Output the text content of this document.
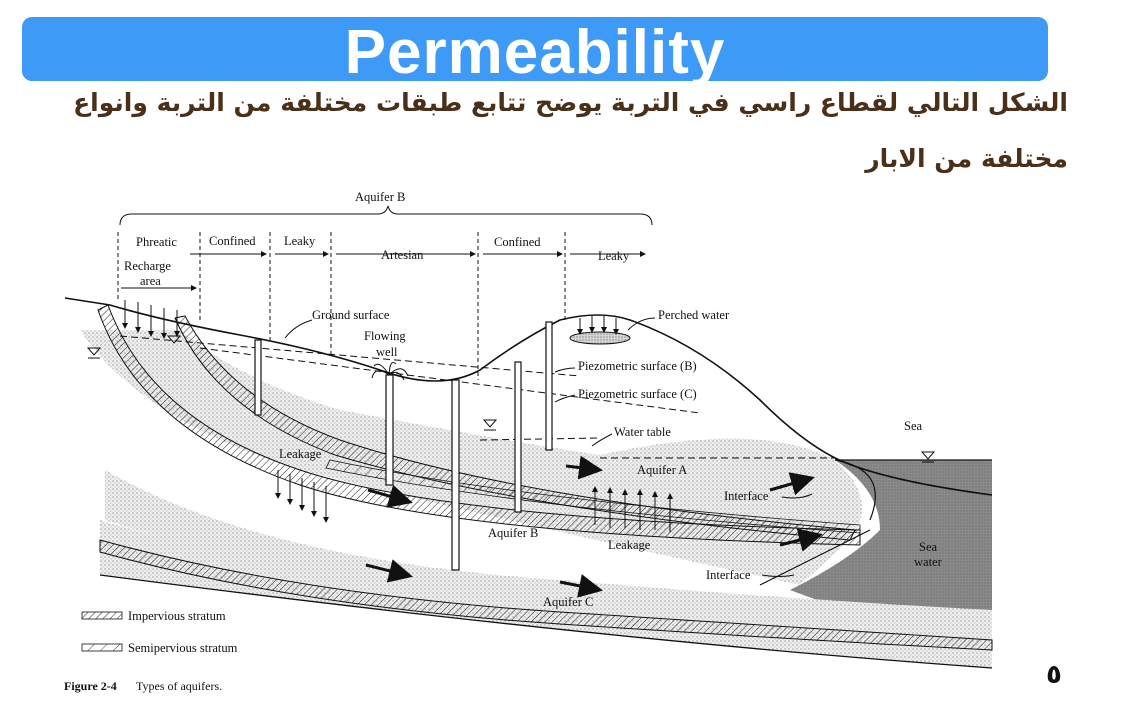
Permeability
الشكل التالي لقطاع راسي في التربة يوضح تتابع طبقات مختلفة من التربة وانواع
مختلفة من الابار
Aquifer B
Phreatic	Confined Leaky
Artesian
Confined
Leaky
Recharge
area
Ground surface
Flowing
well
Perched water
Piezometric surface (B)
Piezometric surface (C)
Water table	Sea
Leakage
Aquifer A
Interface
Aquifer B
Leakage	Sea
water
Interface
Aquifer C
Impervious stratum
Semipervious stratum
Figure 2-4 Types of aquifers.	٥
